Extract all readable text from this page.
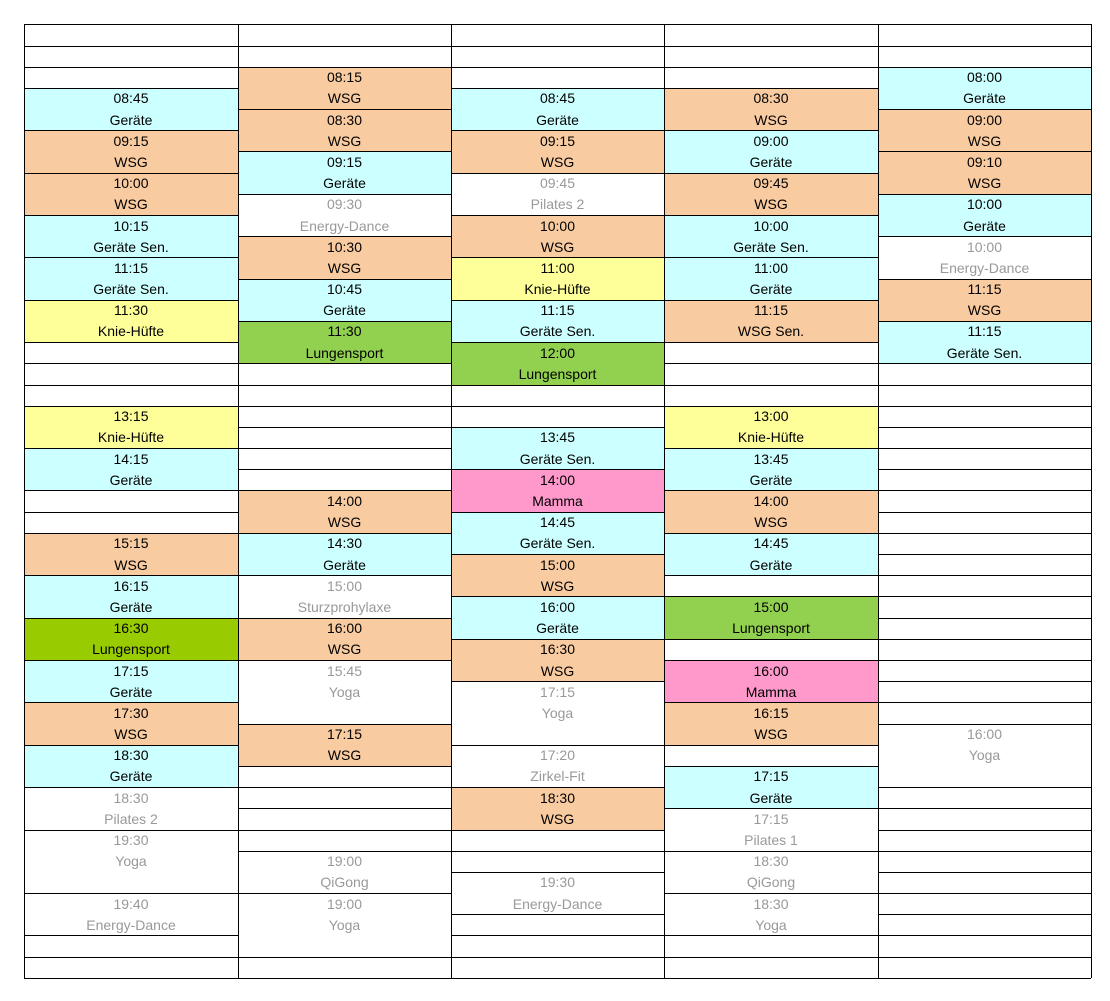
08:45
Geräte
09:15
WSG
10:00
WSG
10:15
Geräte Sen.
11:15
Geräte Sen.
11:30
Knie-Hüfte
13:15
Knie-Hüfte
14:15
Geräte
15:15
WSG
16:15
Geräte
16:30
Lungensport
17:15
Geräte
17:30
WSG
18:30
Geräte
18:30
Pilates 2
19:30
Yoga
19:40
Energy-Dance
08:15
WSG
08:30
WSG
09:15
Geräte
09:30
Energy-Dance
10:30
WSG
10:45
Geräte
11:30
Lungensport
14:00
WSG
14:30
Geräte
15:00
Sturzprohylaxe
16:00
WSG
15:45
Yoga
17:15
WSG
19:00
QiGong
19:00
Yoga
08:45
Geräte
09:15
WSG
09:45
Pilates 2
10:00
WSG
11:00
Knie-Hüfte
11:15
Geräte Sen.
12:00
Lungensport
13:45
Geräte Sen.
14:00
Mamma
14:45
Geräte Sen.
15:00
WSG
16:00
Geräte
16:30
WSG
17:15
Yoga
17:20
Zirkel-Fit
18:30
WSG
19:30
Energy-Dance
08:30
WSG
09:00
Geräte
09:45
WSG
10:00
Geräte Sen.
11:00
Geräte
11:15
WSG Sen.
13:00
Knie-Hüfte
13:45
Geräte
14:00
WSG
14:45
Geräte
15:00
Lungensport
16:00
Mamma
16:15
WSG
17:15
Geräte
17:15
Pilates 1
18:30
QiGong
18:30
Yoga
08:00
Geräte
09:00
WSG
09:10
WSG
10:00
Geräte
10:00
Energy-Dance
11:15
WSG
11:15
Geräte Sen.
16:00
Yoga
